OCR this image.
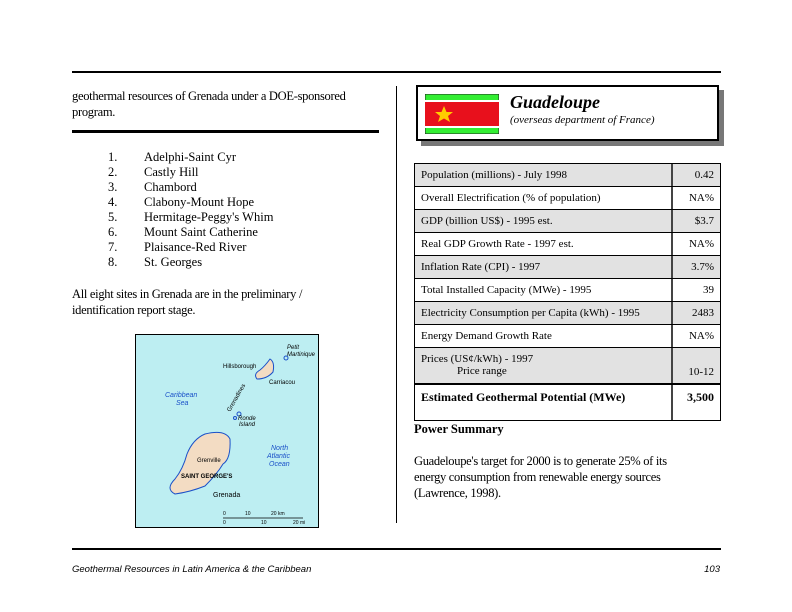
geothermal resources of Grenada under a DOE-sponsored program.

1.	Adelphi-Saint Cyr
2.	Castly Hill
3.	Chambord
4.	Clabony-Mount Hope
5.	Hermitage-Peggy's Whim
6.	Mount Saint Catherine
7.	Plaisance-Red River
8.	St. Georges

All eight sites in Grenada are in the preliminary / identification report stage.

Petit
Martinique
Hillsborough
Carriacou
Grenadines
Ronde
Island
Grenville
SAINT GEORGE'S
Grenada
Caribbean
Sea
North
Atlantic
Ocean
0	10	20 km
0	10	20 mi
Guadeloupe
(overseas department of France)
Population (millions) - July 1998	0.42
Overall Electrification (% of population)	NA%
GDP (billion US$) - 1995 est.	$3.7
Real GDP Growth Rate - 1997 est.	NA%
Inflation Rate (CPI) - 1997	3.7%
Total Installed Capacity (MWe) - 1995	39
Electricity Consumption per Capita (kWh) - 1995	2483
Energy Demand Growth Rate	NA%
Prices (US¢/kWh) - 1997
Price range	10-12
Estimated Geothermal Potential (MWe)	3,500
Power Summary

Guadeloupe's target for 2000 is to generate 25% of its energy consumption from renewable energy sources (Lawrence, 1998).

Geothermal Resources in Latin America & the Caribbean	103
